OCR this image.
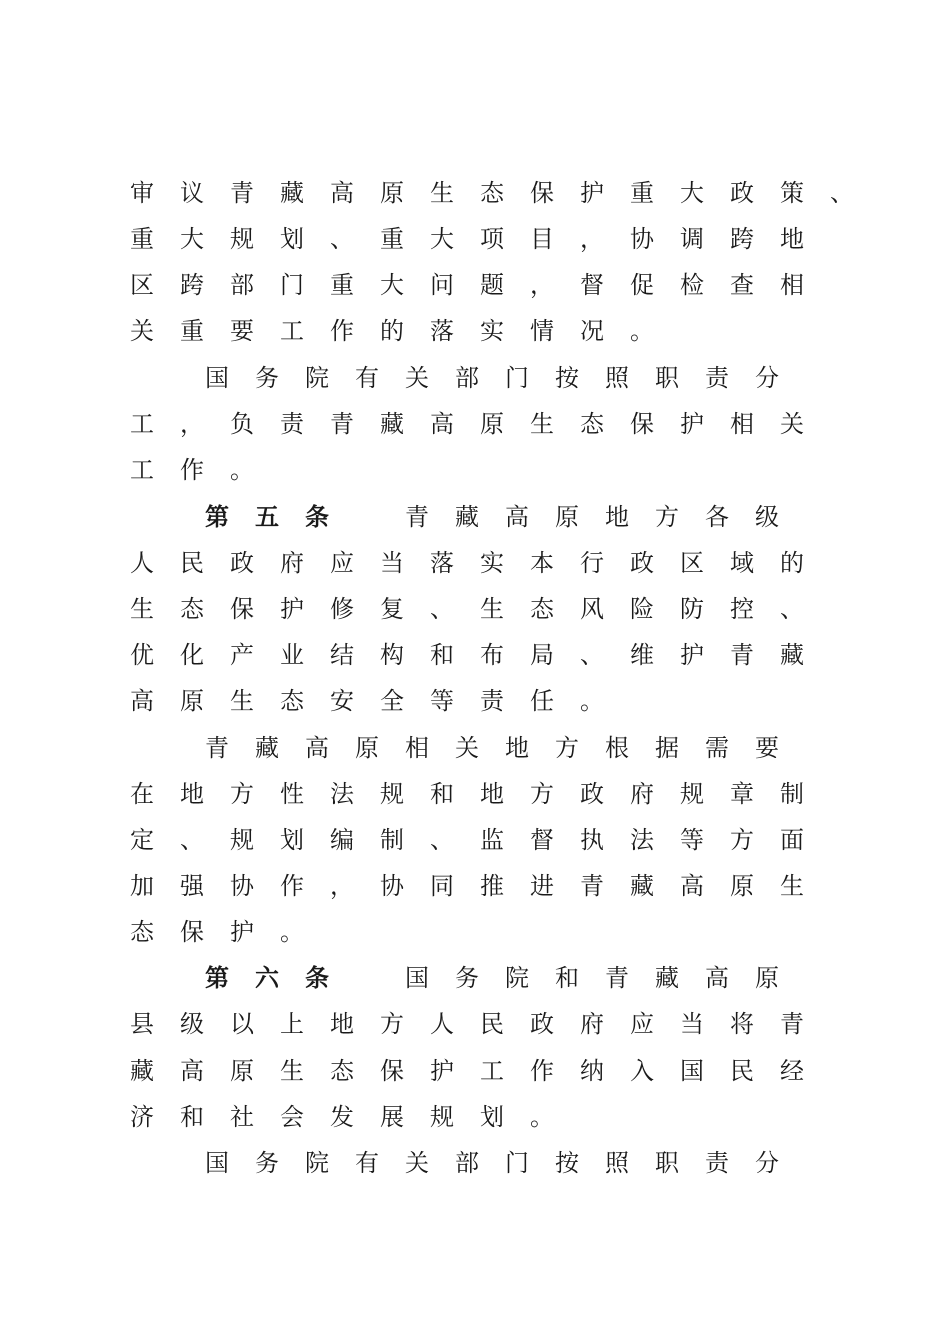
审议青藏高原生态保护重大政策、
重大规划、重大项目，协调跨地
区跨部门重大问题，督促检查相
关重要工作的落实情况。
国务院有关部门按照职责分
工，负责青藏高原生态保护相关
工作。
第五条 青藏高原地方各级
人民政府应当落实本行政区域的
生态保护修复、生态风险防控、
优化产业结构和布局、维护青藏
高原生态安全等责任。
青藏高原相关地方根据需要
在地方性法规和地方政府规章制
定、规划编制、监督执法等方面
加强协作，协同推进青藏高原生
态保护。
第六条 国务院和青藏高原
县级以上地方人民政府应当将青
藏高原生态保护工作纳入国民经
济和社会发展规划。
国务院有关部门按照职责分
